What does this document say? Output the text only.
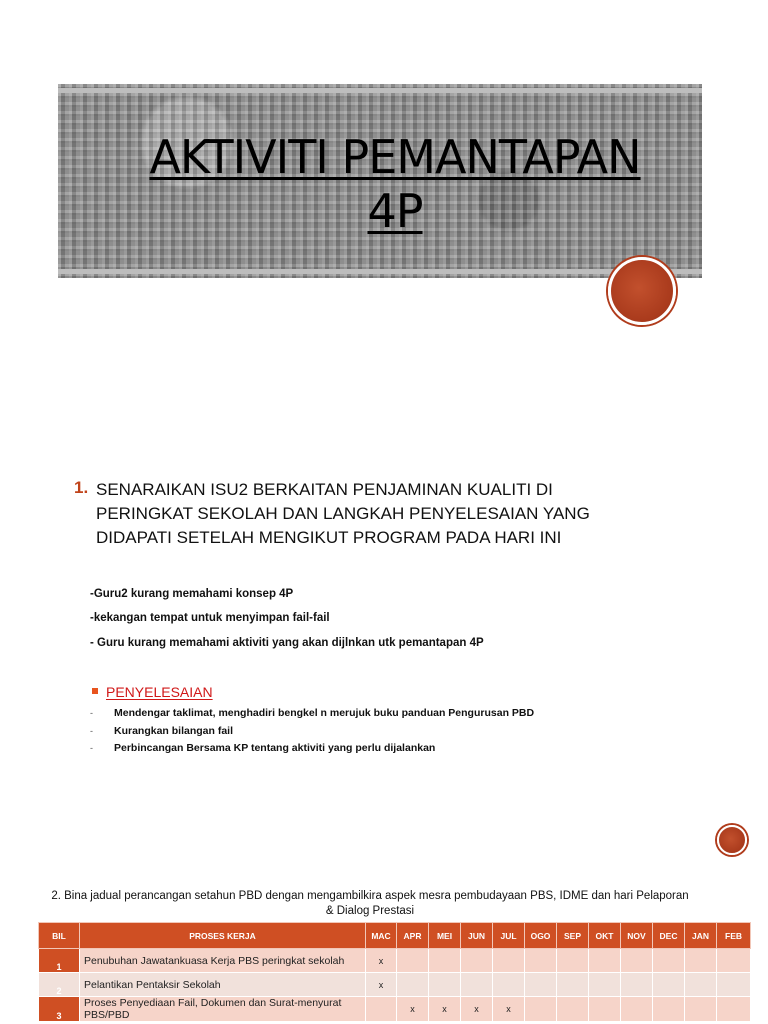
AKTIVITI PEMANTAPAN
4P
1. SENARAIKAN ISU2 BERKAITAN PENJAMINAN KUALITI DI
PERINGKAT SEKOLAH DAN LANGKAH PENYELESAIAN YANG
DIDAPATI SETELAH MENGIKUT PROGRAM PADA HARI INI
-Guru2 kurang memahami konsep 4P
-kekangan tempat untuk menyimpan fail-fail
- Guru kurang memahami aktiviti yang akan dijlnkan utk pemantapan 4P
PENYELESAIAN
- Mendengar taklimat, menghadiri bengkel n merujuk buku panduan Pengurusan PBD
- Kurangkan bilangan fail
- Perbincangan Bersama KP tentang aktiviti yang perlu dijalankan
2. Bina jadual perancangan setahun PBD dengan mengambilkira aspek mesra pembudayaan PBS, IDME dan hari Pelaporan
& Dialog Prestasi
BIL	PROSES KERJA	MAC	APR	MEI	JUN	JUL	OGO	SEP	OKT	NOV	DEC	JAN	FEB
1	Penubuhan Jawatankuasa Kerja PBS peringkat sekolah	x											
2	Pelantikan Pentaksir Sekolah	x											
3	Proses Penyediaan Fail, Dokumen dan Surat-menyurat PBS/PBD		x	x	x	x							
